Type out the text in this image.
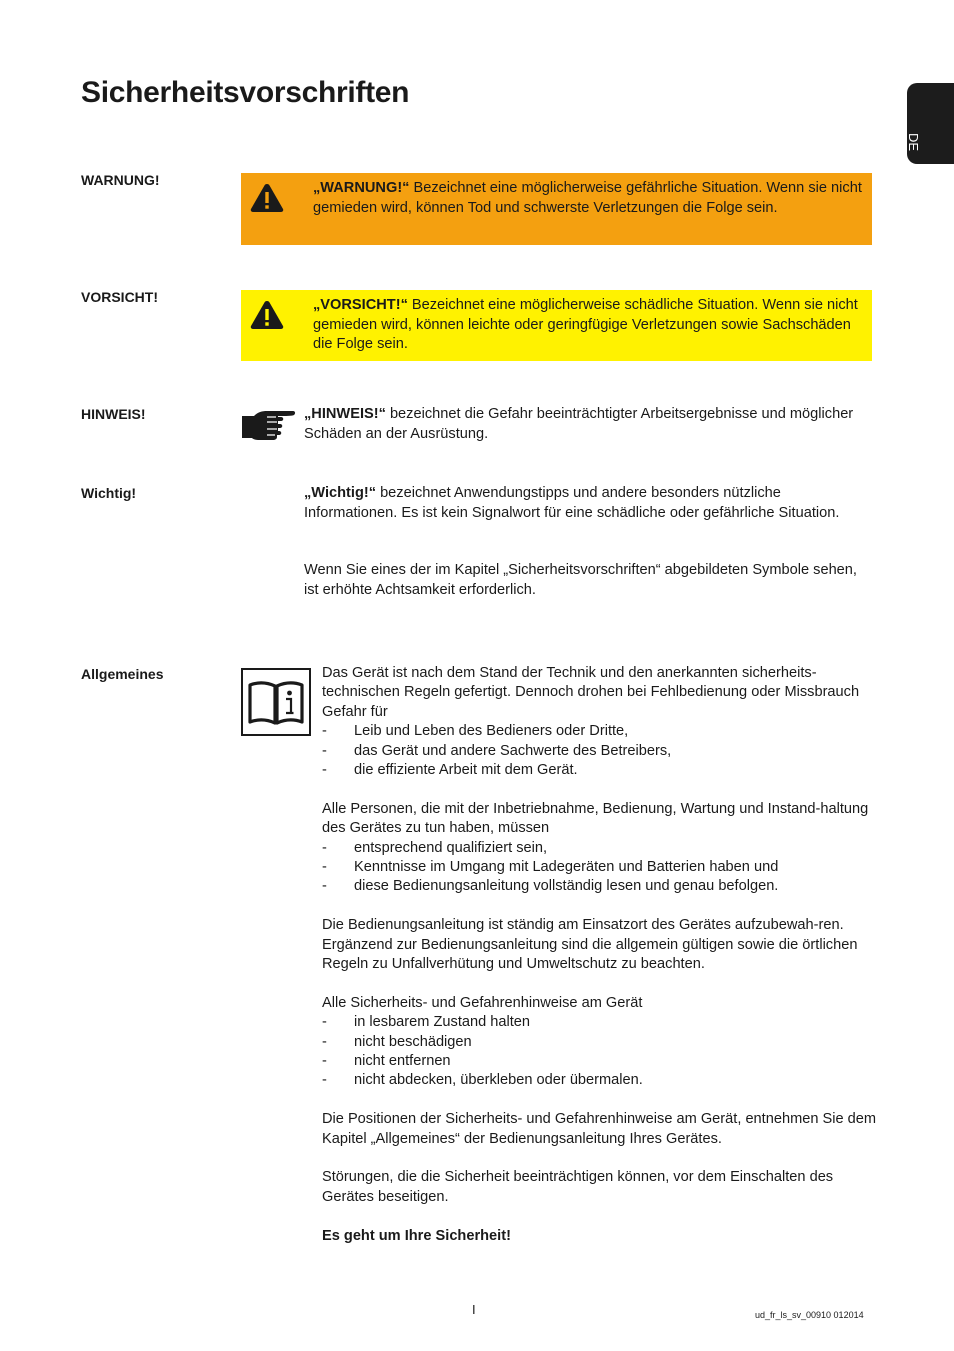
Sicherheitsvorschriften
DE
WARNUNG!	„WARNUNG!“ Bezeichnet eine möglicherweise gefährliche Situation. Wenn sie nicht gemieden wird, können Tod und schwerste Verletzungen die Folge sein.
VORSICHT!	„VORSICHT!“ Bezeichnet eine möglicherweise schädliche Situation. Wenn sie nicht gemieden wird, können leichte oder geringfügige Verletzungen sowie Sachschäden die Folge sein.
HINWEIS!	„HINWEIS!“ bezeichnet die Gefahr beeinträchtigter Arbeitsergebnisse und möglicher Schäden an der Ausrüstung.
Wichtig!	„Wichtig!“ bezeichnet Anwendungstipps und andere besonders nützliche Informationen. Es ist kein Signalwort für eine schädliche oder gefährliche Situation.
Wenn Sie eines der im Kapitel „Sicherheitsvorschriften“ abgebildeten Symbole sehen, ist erhöhte Achtsamkeit erforderlich.
Allgemeines	Das Gerät ist nach dem Stand der Technik und den anerkannten sicherheits-technischen Regeln gefertigt. Dennoch drohen bei Fehlbedienung oder Missbrauch Gefahr für
- Leib und Leben des Bedieners oder Dritte,
- das Gerät und andere Sachwerte des Betreibers,
- die effiziente Arbeit mit dem Gerät.
Alle Personen, die mit der Inbetriebnahme, Bedienung, Wartung und Instand-haltung des Gerätes zu tun haben, müssen
- entsprechend qualifiziert sein,
- Kenntnisse im Umgang mit Ladegeräten und Batterien haben und
- diese Bedienungsanleitung vollständig lesen und genau befolgen.

Die Bedienungsanleitung ist ständig am Einsatzort des Gerätes aufzubewah-ren. Ergänzend zur Bedienungsanleitung sind die allgemein gültigen sowie die örtlichen Regeln zu Unfallverhütung und Umweltschutz zu beachten.

Alle Sicherheits- und Gefahrenhinweise am Gerät
- in lesbarem Zustand halten
- nicht beschädigen
- nicht entfernen
- nicht abdecken, überkleben oder übermalen.

Die Positionen der Sicherheits- und Gefahrenhinweise am Gerät, entnehmen Sie dem Kapitel „Allgemeines“ der Bedienungsanleitung Ihres Gerätes.

Störungen, die die Sicherheit beeinträchtigen können, vor dem Einschalten des Gerätes beseitigen.

Es geht um Ihre Sicherheit!

I	ud_fr_ls_sv_00910 012014
